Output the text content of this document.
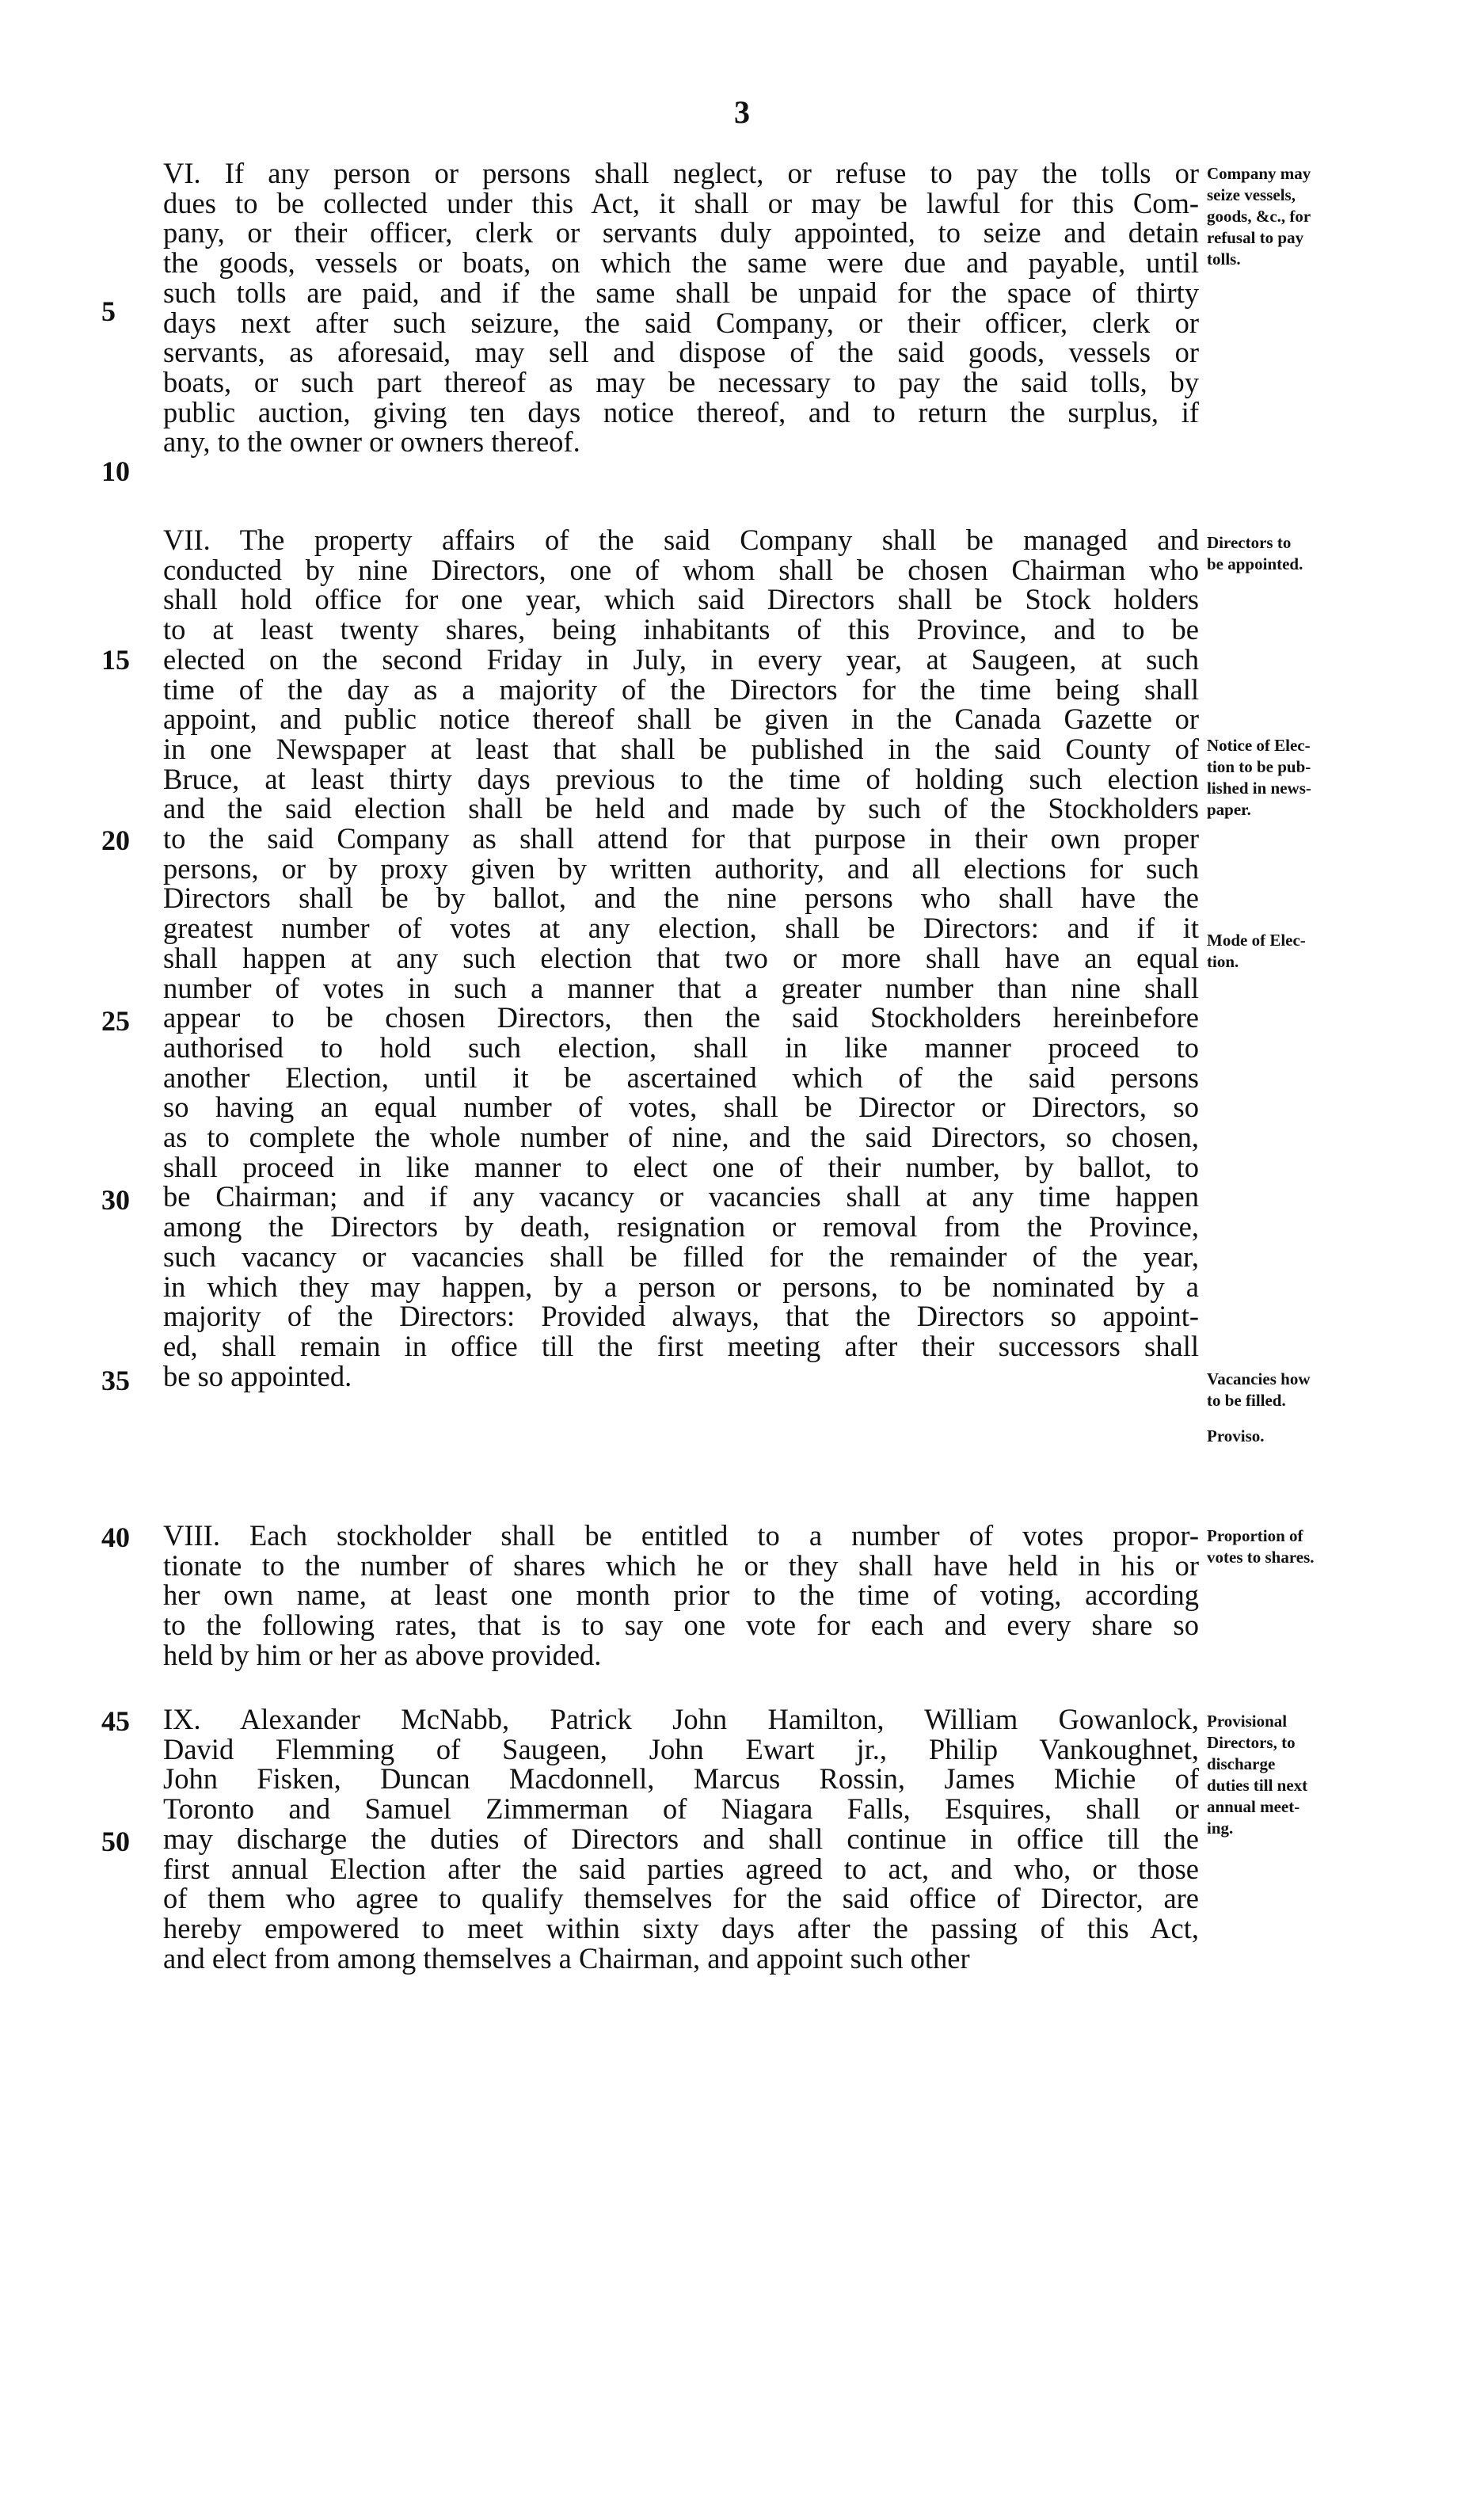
3
VI. If any person or persons shall neglect, or refuse to pay the tolls or
dues to be collected under this Act, it shall or may be lawful for this Com-
pany, or their officer, clerk or servants duly appointed, to seize and detain
the goods, vessels or boats, on which the same were due and payable, until
such tolls are paid, and if the same shall be unpaid for the space of thirty
days next after such seizure, the said Company, or their officer, clerk or
servants, as aforesaid, may sell and dispose of the said goods, vessels or
boats, or such part thereof as may be necessary to pay the said tolls, by
public auction, giving ten days notice thereof, and to return the surplus, if
any, to the owner or owners thereof.
VII. The property affairs of the said Company shall be managed and
conducted by nine Directors, one of whom shall be chosen Chairman who
shall hold office for one year, which said Directors shall be Stock holders
to at least twenty shares, being inhabitants of this Province, and to be
elected on the second Friday in July, in every year, at Saugeen, at such
time of the day as a majority of the Directors for the time being shall
appoint, and public notice thereof shall be given in the Canada Gazette or
in one Newspaper at least that shall be published in the said County of
Bruce, at least thirty days previous to the time of holding such election
and the said election shall be held and made by such of the Stockholders
to the said Company as shall attend for that purpose in their own proper
persons, or by proxy given by written authority, and all elections for such
Directors shall be by ballot, and the nine persons who shall have the
greatest number of votes at any election, shall be Directors: and if it
shall happen at any such election that two or more shall have an equal
number of votes in such a manner that a greater number than nine shall
appear to be chosen Directors, then the said Stockholders hereinbefore
authorised to hold such election, shall in like manner proceed to
another Election, until it be ascertained which of the said persons
so having an equal number of votes, shall be Director or Directors, so
as to complete the whole number of nine, and the said Directors, so chosen,
shall proceed in like manner to elect one of their number, by ballot, to
be Chairman; and if any vacancy or vacancies shall at any time happen
among the Directors by death, resignation or removal from the Province,
such vacancy or vacancies shall be filled for the remainder of the year,
in which they may happen, by a person or persons, to be nominated by a
majority of the Directors: Provided always, that the Directors so appoint-
ed, shall remain in office till the first meeting after their successors shall
be so appointed.
VIII. Each stockholder shall be entitled to a number of votes propor-
tionate to the number of shares which he or they shall have held in his or
her own name, at least one month prior to the time of voting, according
to the following rates, that is to say one vote for each and every share so
held by him or her as above provided.
IX. Alexander McNabb, Patrick John Hamilton, William Gowanlock,
David Flemming of Saugeen, John Ewart jr., Philip Vankoughnet,
John Fisken, Duncan Macdonnell, Marcus Rossin, James Michie of
Toronto and Samuel Zimmerman of Niagara Falls, Esquires, shall or
may discharge the duties of Directors and shall continue in office till the
first annual Election after the said parties agreed to act, and who, or those
of them who agree to qualify themselves for the said office of Director, are
hereby empowered to meet within sixty days after the passing of this Act,
and elect from among themselves a Chairman, and appoint such other
5
10
15
20
25
30
35
40
45
50
Company may
seize vessels,
goods, &c., for
refusal to pay
tolls.
Directors to
be appointed.
Notice of Elec-
tion to be pub-
lished in news-
paper.
Mode of Elec-
tion.
Vacancies how
to be filled.
Proviso.
Proportion of
votes to shares.
Provisional
Directors, to
discharge
duties till next
annual meet-
ing.
